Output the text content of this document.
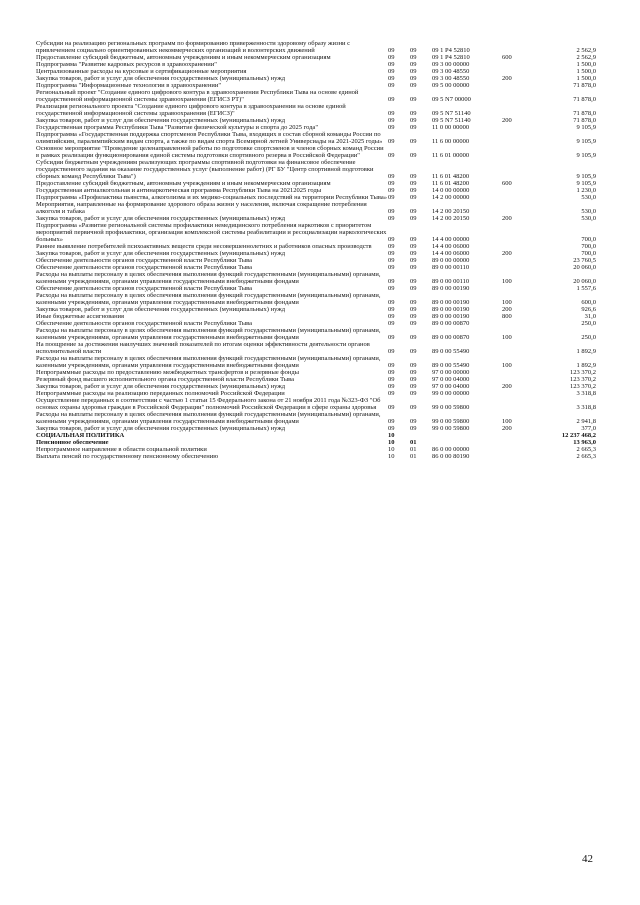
Субсидии на реализацию региональных программ по формированию приверженности здоровому образу жизни с привлечением социально ориентированных некоммерческих организаций и волонтерских движений	09	09	09 1 P4 52810		2 562,9
Предоставление субсидий бюджетным, автономным учреждениям и иным некоммерческим организациям	09	09	09 1 P4 52810	600	2 562,9
Подпрограмма "Развитие кадровых ресурсов в здравоохранении"	09	09	09 3 00 00000		1 500,0
Централизованные расходы на курсовые и сертификационные мероприятия	09	09	09 3 00 48550		1 500,0
Закупка товаров, работ и услуг для обеспечения государственных (муниципальных) нужд	09	09	09 3 00 48550	200	1 500,0
Подпрограмма "Информационные технологии в здравоохранении"	09	09	09 5 00 00000		71 878,0
Региональный проект "Создание единого цифрового контура в здравоохранении Республики Тыва на основе единой государственной информационной системы здравоохранения (ЕГИСЗ РТ)"	09	09	09 5 N7 00000		71 878,0
Реализация регионального проекта "Создание единого цифрового контура в здравоохранении на основе единой государственной информационной системы здравоохранения (ЕГИСЗ)"	09	09	09 5 N7 51140		71 878,0
Закупка товаров, работ и услуг для обеспечения государственных (муниципальных) нужд	09	09	09 5 N7 51140	200	71 878,0
Государственная программа Республики Тыва "Развитие физической культуры и спорта до 2025 года"	09	09	11 0 00 00000		9 105,9
Подпрограмма «Государственная поддержка спортсменов Республики Тыва, входящих в состав сборной команды России по олимпийским, паралимпийским видам спорта, а также по видам спорта Всемирной летней Универсиады на 2021-2025 годы»	09	09	11 6 00 00000		9 105,9
Основное мероприятие "Проведение целенаправленной работы по подготовке спортсменов и членов сборных команд России в рамках реализации функционирования единой системы подготовки спортивного резерва в Российской Федерации"	09	09	11 6 01 00000		9 105,9
Субсидии бюджетным учреждениям реализующих программы спортивной подготовки на финансовое обеспечение государственного задания на оказание государственных услуг (выполнение работ) (РГ БУ "Центр спортивной подготовки сборных команд Республики Тыва")	09	09	11 6 01 48200		9 105,9
Предоставление субсидий бюджетным, автономным учреждениям и иным некоммерческим организациям	09	09	11 6 01 48200	600	9 105,9
Государственная антиалкогольная и антинаркотическая программа Республики Тыва на 20212025 годы	09	09	14 0 00 00000		1 230,0
Подпрограмма «Профилактика пьянства, алкоголизма и их медико-социальных последствий на территории Республики Тыва»	09	09	14 2 00 00000		530,0
Мероприятия, направленные на формирование здорового образа жизни у населения, включая сокращение потребления алкоголя и табака	09	09	14 2 00 20150		530,0
Закупка товаров, работ и услуг для обеспечения государственных (муниципальных) нужд	09	09	14 2 00 20150	200	530,0
Подпрограмма «Развитие региональной системы профилактики немедицинского потребления наркотиков с приоритетом мероприятий первичной профилактики, организация комплексной системы реабилитации и ресоциализации наркологических больных»	09	09	14 4 00 00000		700,0
Раннее выявление потребителей психоактивных веществ среди несовершеннолетних и работников опасных производств	09	09	14 4 00 06000		700,0
Закупка товаров, работ и услуг для обеспечения государственных (муниципальных) нужд	09	09	14 4 00 06000	200	700,0
Обеспечение деятельности органов государственной власти Республики Тыва	09	09	89 0 00 00000		23 760,5
Обеспечение деятельности органов государственной власти Республики Тыва	09	09	89 0 00 00110		20 060,0
Расходы на выплаты персоналу в целях обеспечения выполнения функций государственными (муниципальными) органами, казенными учреждениями, органами управления государственными внебюджетными фондами	09	09	89 0 00 00110	100	20 060,0
Обеспечение деятельности органов государственной власти Республики Тыва	09	09	89 0 00 00190		1 557,6
Расходы на выплаты персоналу в целях обеспечения выполнения функций государственными (муниципальными) органами, казенными учреждениями, органами управления государственными внебюджетными фондами	09	09	89 0 00 00190	100	600,0
Закупка товаров, работ и услуг для обеспечения государственных (муниципальных) нужд	09	09	89 0 00 00190	200	926,6
Иные бюджетные ассигнования	09	09	89 0 00 00190	800	31,0
Обеспечение деятельности органов государственной власти Республики Тыва	09	09	89 0 00 00870		250,0
Расходы на выплаты персоналу в целях обеспечения выполнения функций государственными (муниципальными) органами, казенными учреждениями, органами управления государственными внебюджетными фондами	09	09	89 0 00 00870	100	250,0
На поощрение за достижения наилучших значений показателей по итогам оценки эффективности деятельности органов исполнительной власти	09	09	89 0 00 55490		1 892,9
Расходы на выплаты персоналу в целях обеспечения выполнения функций государственными (муниципальными) органами, казенными учреждениями, органами управления государственными внебюджетными фондами	09	09	89 0 00 55490	100	1 892,9
Непрограммные расходы по предоставлению межбюджетных трансфертов и резервные фонды	09	09	97 0 00 00000		123 370,2
Резервный фонд высшего исполнительного органа государственной власти Республики Тыва	09	09	97 0 00 04000		123 370,2
Закупка товаров, работ и услуг для обеспечения государственных (муниципальных) нужд	09	09	97 0 00 04000	200	123 370,2
Непрограммные расходы на реализацию переданных полномочий Российской Федерации	09	09	99 0 00 00000		3 318,8
Осуществление переданных в соответствии с частью 1 статьи 15 Федерального закона от 21 ноября 2011 года №323-ФЗ "Об основах охраны здоровья граждан в Российской Федерации" полномочий Российской Федерации в сфере охраны здоровья	09	09	99 0 00 59800		3 318,8
Расходы на выплаты персоналу в целях обеспечения выполнения функций государственными (муниципальными) органами, казенными учреждениями, органами управления государственными внебюджетными фондами	09	09	99 0 00 59800	100	2 941,8
Закупка товаров, работ и услуг для обеспечения государственных (муниципальных) нужд	09	09	99 0 00 59800	200	377,0
СОЦИАЛЬНАЯ ПОЛИТИКА	10				12 237 468,2
Пенсионное обеспечение	10	01			13 963,0
Непрограммное направление в области социальной политики	10	01	86 0 00 00000		2 665,3
Выплата пенсий по государственному пенсионному обеспечению	10	01	86 0 00 80190		2 665,3
42
